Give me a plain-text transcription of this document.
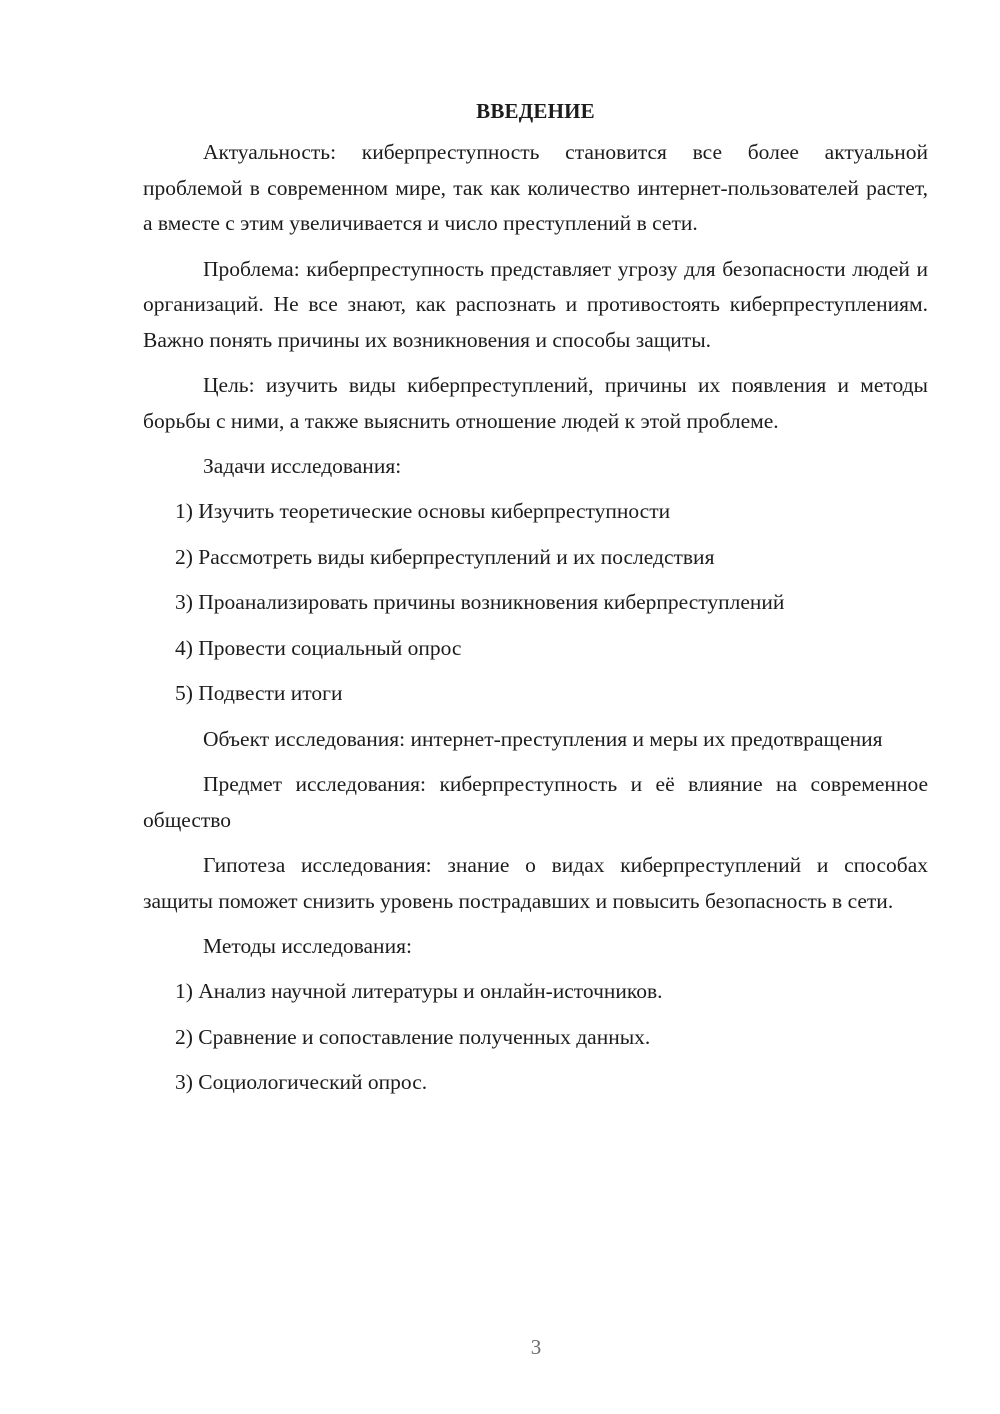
ВВЕДЕНИЕ

Актуальность: киберпреступность становится все более актуальной проблемой в современном мире, так как количество интернет-пользователей растет, а вместе с этим увеличивается и число преступлений в сети.

Проблема: киберпреступность представляет угрозу для безопасности людей и организаций. Не все знают, как распознать и противостоять киберпреступлениям. Важно понять причины их возникновения и способы защиты.

Цель: изучить виды киберпреступлений, причины их появления и методы борьбы с ними, а также выяснить отношение людей к этой проблеме.

Задачи исследования:
1) Изучить теоретические основы киберпреступности
2) Рассмотреть виды киберпреступлений и их последствия
3) Проанализировать причины возникновения киберпреступлений
4) Провести социальный опрос
5) Подвести итоги

Объект исследования: интернет-преступления и меры их предотвращения

Предмет исследования: киберпреступность и её влияние на современное общество

Гипотеза исследования: знание о видах киберпреступлений и способах защиты поможет снизить уровень пострадавших и повысить безопасность в сети.

Методы исследования:
1) Анализ научной литературы и онлайн-источников.
2) Сравнение и сопоставление полученных данных.
3) Социологический опрос.
3
